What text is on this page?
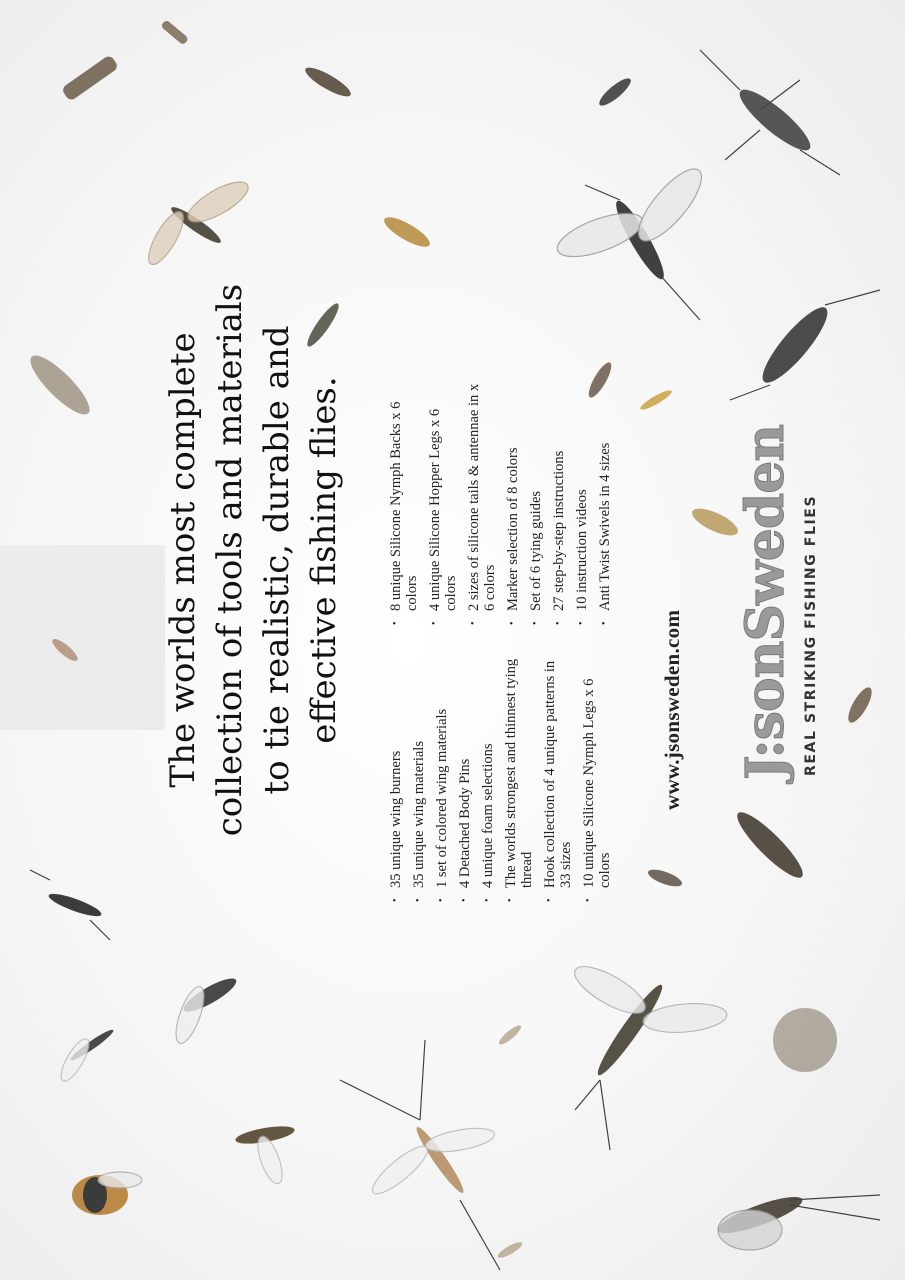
The worlds most complete collection of tools and materials to tie realistic, durable and effective fishing flies.
• 35 unique wing burners • 35 unique wing materials • 1 set of colored wing materials • 4 Detached Body Pins • 4 unique foam selections • The worlds strongest and thinnest tying thread • Hook collection of 4 unique patterns in 33 sizes • 10 unique Silicone Nymph Legs x 6 colors
• 8 unique Silicone Nymph Backs x 6 colors • 4 unique Silicone Hopper Legs x 6 colors • 2 sizes of silicone tails & antennae in x 6 colors • Marker selection of 8 colors • Set of 6 tying guides • 27 step-by-step instructions • 10 instruction videos • Anti Twist Swivels in 4 sizes
www.jsonsweden.com J:sonSweden REAL STRIKING FISHING FLIES
